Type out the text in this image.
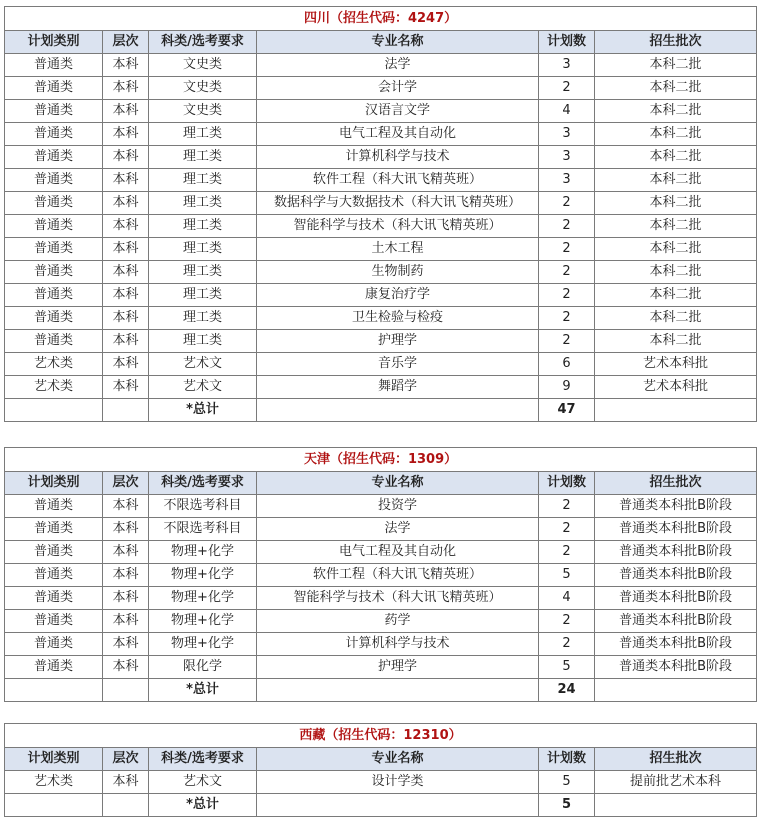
四川（招生代码：4247）					
计划类别	层次	科类/选考要求	专业名称	计划数	招生批次
普通类	本科	文史类	法学	3	本科二批
普通类	本科	文史类	会计学	2	本科二批
普通类	本科	文史类	汉语言文学	4	本科二批
普通类	本科	理工类	电气工程及其自动化	3	本科二批
普通类	本科	理工类	计算机科学与技术	3	本科二批
普通类	本科	理工类	软件工程（科大讯飞精英班）	3	本科二批
普通类	本科	理工类	数据科学与大数据技术（科大讯飞精英班）	2	本科二批
普通类	本科	理工类	智能科学与技术（科大讯飞精英班）	2	本科二批
普通类	本科	理工类	土木工程	2	本科二批
普通类	本科	理工类	生物制药	2	本科二批
普通类	本科	理工类	康复治疗学	2	本科二批
普通类	本科	理工类	卫生检验与检疫	2	本科二批
普通类	本科	理工类	护理学	2	本科二批
艺术类	本科	艺术文	音乐学	6	艺术本科批
艺术类	本科	艺术文	舞蹈学	9	艺术本科批
		*总计		47	
天津（招生代码：1309）					
计划类别	层次	科类/选考要求	专业名称	计划数	招生批次
普通类	本科	不限选考科目	投资学	2	普通类本科批B阶段
普通类	本科	不限选考科目	法学	2	普通类本科批B阶段
普通类	本科	物理+化学	电气工程及其自动化	2	普通类本科批B阶段
普通类	本科	物理+化学	软件工程（科大讯飞精英班）	5	普通类本科批B阶段
普通类	本科	物理+化学	智能科学与技术（科大讯飞精英班）	4	普通类本科批B阶段
普通类	本科	物理+化学	药学	2	普通类本科批B阶段
普通类	本科	物理+化学	计算机科学与技术	2	普通类本科批B阶段
普通类	本科	限化学	护理学	5	普通类本科批B阶段
		*总计		24	
西藏（招生代码：12310）					
计划类别	层次	科类/选考要求	专业名称	计划数	招生批次
艺术类	本科	艺术文	设计学类	5	提前批艺术本科
		*总计		5	
